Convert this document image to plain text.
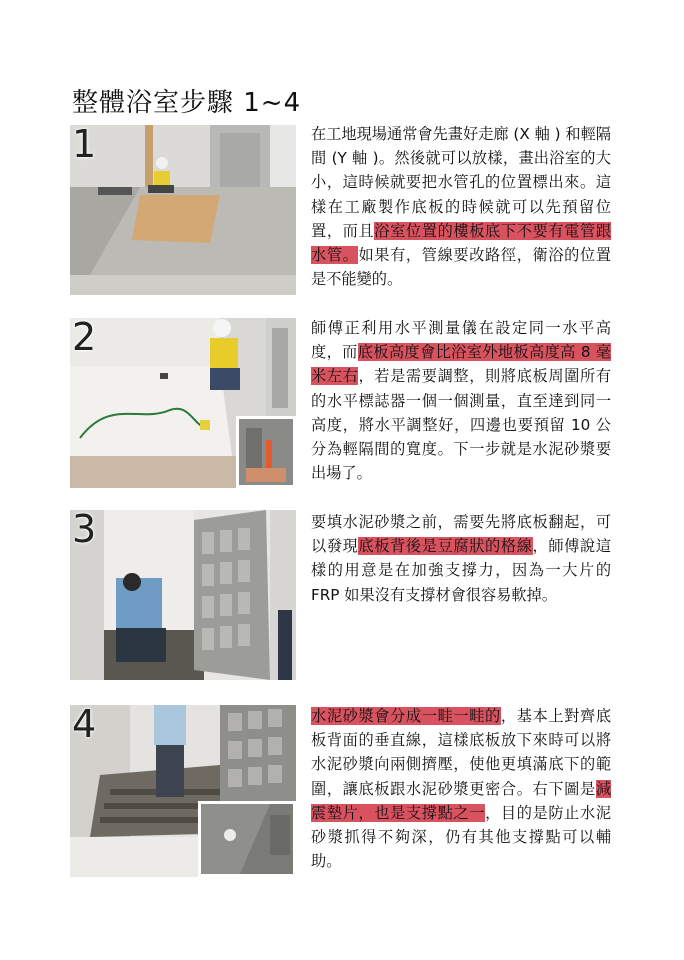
整體浴室步驟 1~4
1	在工地現場通常會先畫好走廊 (X 軸 ) 和輕隔間 (Y 軸 )。然後就可以放樣，畫出浴室的大小，這時候就要把水管孔的位置標出來。這樣在工廠製作底板的時候就可以先預留位置，而且浴室位置的樓板底下不要有電管跟水管。如果有，管線要改路徑，衛浴的位置是不能變的。

2	師傅正利用水平測量儀在設定同一水平高度，而底板高度會比浴室外地板高度高 8 毫米左右，若是需要調整，則將底板周圍所有的水平標誌器一個一個測量，直至達到同一高度，將水平調整好，四邊也要預留 10 公分為輕隔間的寬度。下一步就是水泥砂漿要出場了。

3	要填水泥砂漿之前，需要先將底板翻起，可以發現底板背後是豆腐狀的格線，師傅說這樣的用意是在加強支撐力，因為一大片的 FRP 如果沒有支撐材會很容易軟掉。

4	水泥砂漿會分成一畦一畦的，基本上對齊底板背面的垂直線，這樣底板放下來時可以將水泥砂漿向兩側擠壓，使他更填滿底下的範圍，讓底板跟水泥砂漿更密合。右下圖是減震墊片，也是支撐點之一，目的是防止水泥砂漿抓得不夠深，仍有其他支撐點可以輔助。
